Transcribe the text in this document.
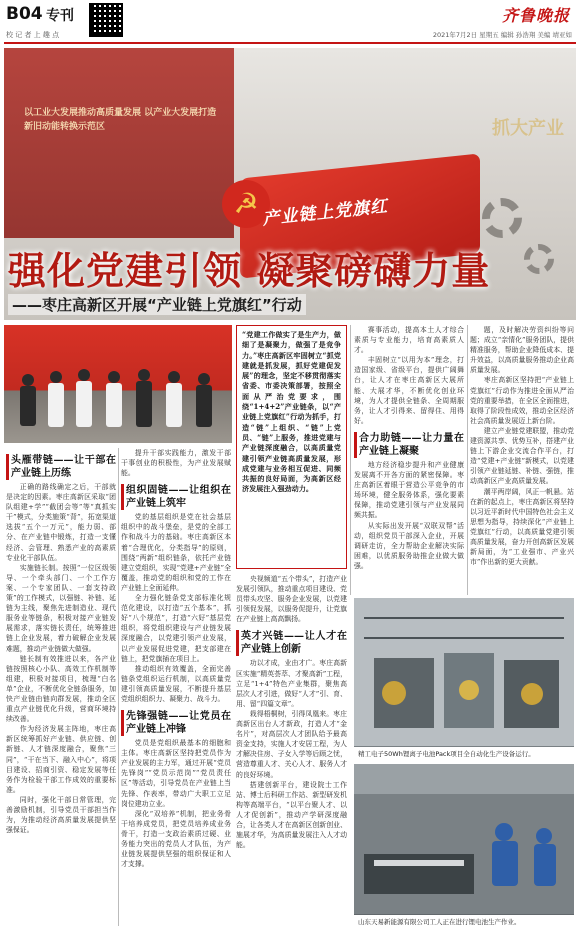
B04 专刊
校 记 者 上 趣 点
齐鲁晚报
2021年7月2日 星期五 编辑 孙浩翔 美编 靖亚如
以工业大发展推动高质量发展 以产业大发展打造新旧动能转换示范区
☭ 产业链上党旗红
抓大产业
强化党建引领 凝聚磅礴力量
——枣庄高新区开展“产业链上党旗红”行动
头雁带链——让干部在产业链上历练

正确的路线确定之后，干部就是决定的因素。枣庄高新区采取“团队组建+学”“截团会等”等“真抓实干”模式，分类施策“背”，拓宽渠道选拔“五个一万元”，能力弱、部分、在产业链中锻炼，打造一支懂经济、会管理、熟悉产业的高素质专业化干部队伍。

实施链长制。按照“一位区级领导、一个牵头部门、一个工作方案、一个专家团队、一套支持政策”的工作模式，以强链、补链、延链为主线，聚焦先进制造业、现代服务业等链条，积极对接产业链发展需求，落实链长责任，统筹推进链上企业发展，着力破解企业发展难题，推动产业链做大做强。

链长制有效推进以来，各产业链按照核心小队、高效工作机制等组建，积极对接项目，梳理“白名单”企业，不断优化全链条服务，加快产业链由链向群发展，推动全区重点产业链优化升级，营商环境持续改善。

作为经济发展主阵地，枣庄高新区统筹抓好产业链、供应链、创新链、人才链深度融合，聚焦“三同”，“干在当下、融入中心”，将项目建设、招商引资、稳定发展等任务作为检验干部工作成效的重要标准。

同时，强化干部日常管理，完善激励机制，引导党员干部担当作为，为推动经济高质量发展提供坚强保证。

提升干部实践能力，激发干部干事创业的积极性，为产业发展赋能。

组织固链——让组织在产业链上筑牢

党的基层组织是党在社会基层组织中的战斗堡垒，是党的全部工作和战斗力的基础。枣庄高新区本着“合理优化，分类指导”的原则，围绕“两新”组织链条，依托产业链建立党组织，实现“党建+产业链”全覆盖，推动党的组织和党的工作在产业链上全面延伸。

全力强化链条党支部标准化规范化建设，以打造“五个基本”，抓好“八个规范”，打造“六好”基层党组织，将党组织建设与产业链发展深度融合，以党建引领产业发展，以产业发展促进党建，把支部建在链上，把党旗插在项目上。

推动组织有效覆盖，全面完善链条党组织运行机制，以高质量党建引领高质量发展，不断提升基层党组织组织力、凝聚力、战斗力。

先锋强链——让党员在产业链上冲锋

党员是党组织最基本的细胞和主体。枣庄高新区坚持把党员作为产业发展的主力军，通过开展“党员先锋岗”“党员示范岗”“党员责任区”等活动，引导党员在产业链上当先锋、作表率，带动广大职工立足岗位建功立业。

深化“双培养”机制，把业务骨干培养成党员，把党员培养成业务骨干，打造一支政治素质过硬、业务能力突出的党员人才队伍，为产业链发展提供坚强的组织保证和人才支撑。

“党建工作做实了是生产力，做细了是凝聚力，做强了是竞争力。”枣庄高新区牢固树立“抓党建就是抓发展，抓好党建促发展”的理念，坚定不移贯彻落实省委、市委决策部署，按照全面从严治党要求，围绕“1+4+2”产业链条，以“产业链上党旗红”行动为抓手，打造“链”上组织、“链”上党员、“链”上服务，推进党建与产业链深度融合，以高质量党建引领产业链高质量发展，形成党建与业务相互促进、同频共振的良好局面，为高新区经济发展注入强劲动力。

央视频道“五个带头”，打造产业发展引领队，推动重点项目建设、党员带头攻坚、服务企业发展，以党建引领促发展，以服务促提升，让党旗在产业链上高高飘扬。

英才兴链——让人才在产业链上创新

功以才成，业由才广。枣庄高新区实施“精英荟萃、才聚高新”工程，立足“1+4”特色产业集群，聚焦高层次人才引进，做好“人才”引、育、用、留“四篇文章”。

栽得梧桐树，引得凤凰来。枣庄高新区出台人才新政，打造人才“金名片”，对高层次人才团队给予最高资金支持，实施人才安居工程，为人才解决住房、子女入学等后顾之忧，营造尊重人才、关心人才、服务人才的良好环境。

搭建创新平台，建设院士工作站、博士后科研工作站、新型研发机构等高端平台，“以平台聚人才、以人才促创新”，推动产学研深度融合，让各类人才在高新区创新创业、施展才华，为高质量发展注入人才动能。

赛事活动，提高本土人才综合素质与专业能力，培育高素质人才。

丰固树立“以用为本”理念，打造国家级、省级平台，提供广阔舞台，让人才在枣庄高新区大展所能、大展才华，不断优化创业环境，为人才提供全链条、全周期服务，让人才引得来、留得住、用得好。

合力助链——让力量在产业链上凝聚

地方经济稳步提升和产业健康发展离不开各方面的紧密保障。枣庄高新区着眼于营造公平竞争的市场环境，健全服务体系，强化要素保障，推动党建引领与产业发展同频共振。

从实际出发开展“双联双帮”活动，组织党员干部深入企业，开展调研走访，全力帮助企业解决实际困难，以优质服务助推企业做大做强。

题，及时解决劳资纠纷等问题；成立“亲情化”服务团队，提供精准服务，帮助企业降低成本、提升效益，以高质量服务推动企业高质量发展。

枣庄高新区坚持把“产业链上党旗红”行动作为推进全面从严治党的重要举措，在全区全面推进，取得了阶段性成效，推动全区经济社会高质量发展迈上新台阶。

建立产业链党建联盟，推动党建资源共享、优势互补，搭建产业链上下游企业交流合作平台，打造“党建+产业链”新模式，以党建引领产业链延链、补链、强链，推动高新区产业高质量发展。

潮平两岸阔，风正一帆悬。站在新的起点上，枣庄高新区将坚持以习近平新时代中国特色社会主义思想为指导，持续深化“产业链上党旗红”行动，以高质量党建引领高质量发展，奋力开创高新区发展新局面，为“工业强市、产业兴市”作出新的更大贡献。

精工电子50Wh锂离子电池Pack项目全自动化生产设备运行。
山东天易新能源有限公司工人正在进行锂电池生产作业。
